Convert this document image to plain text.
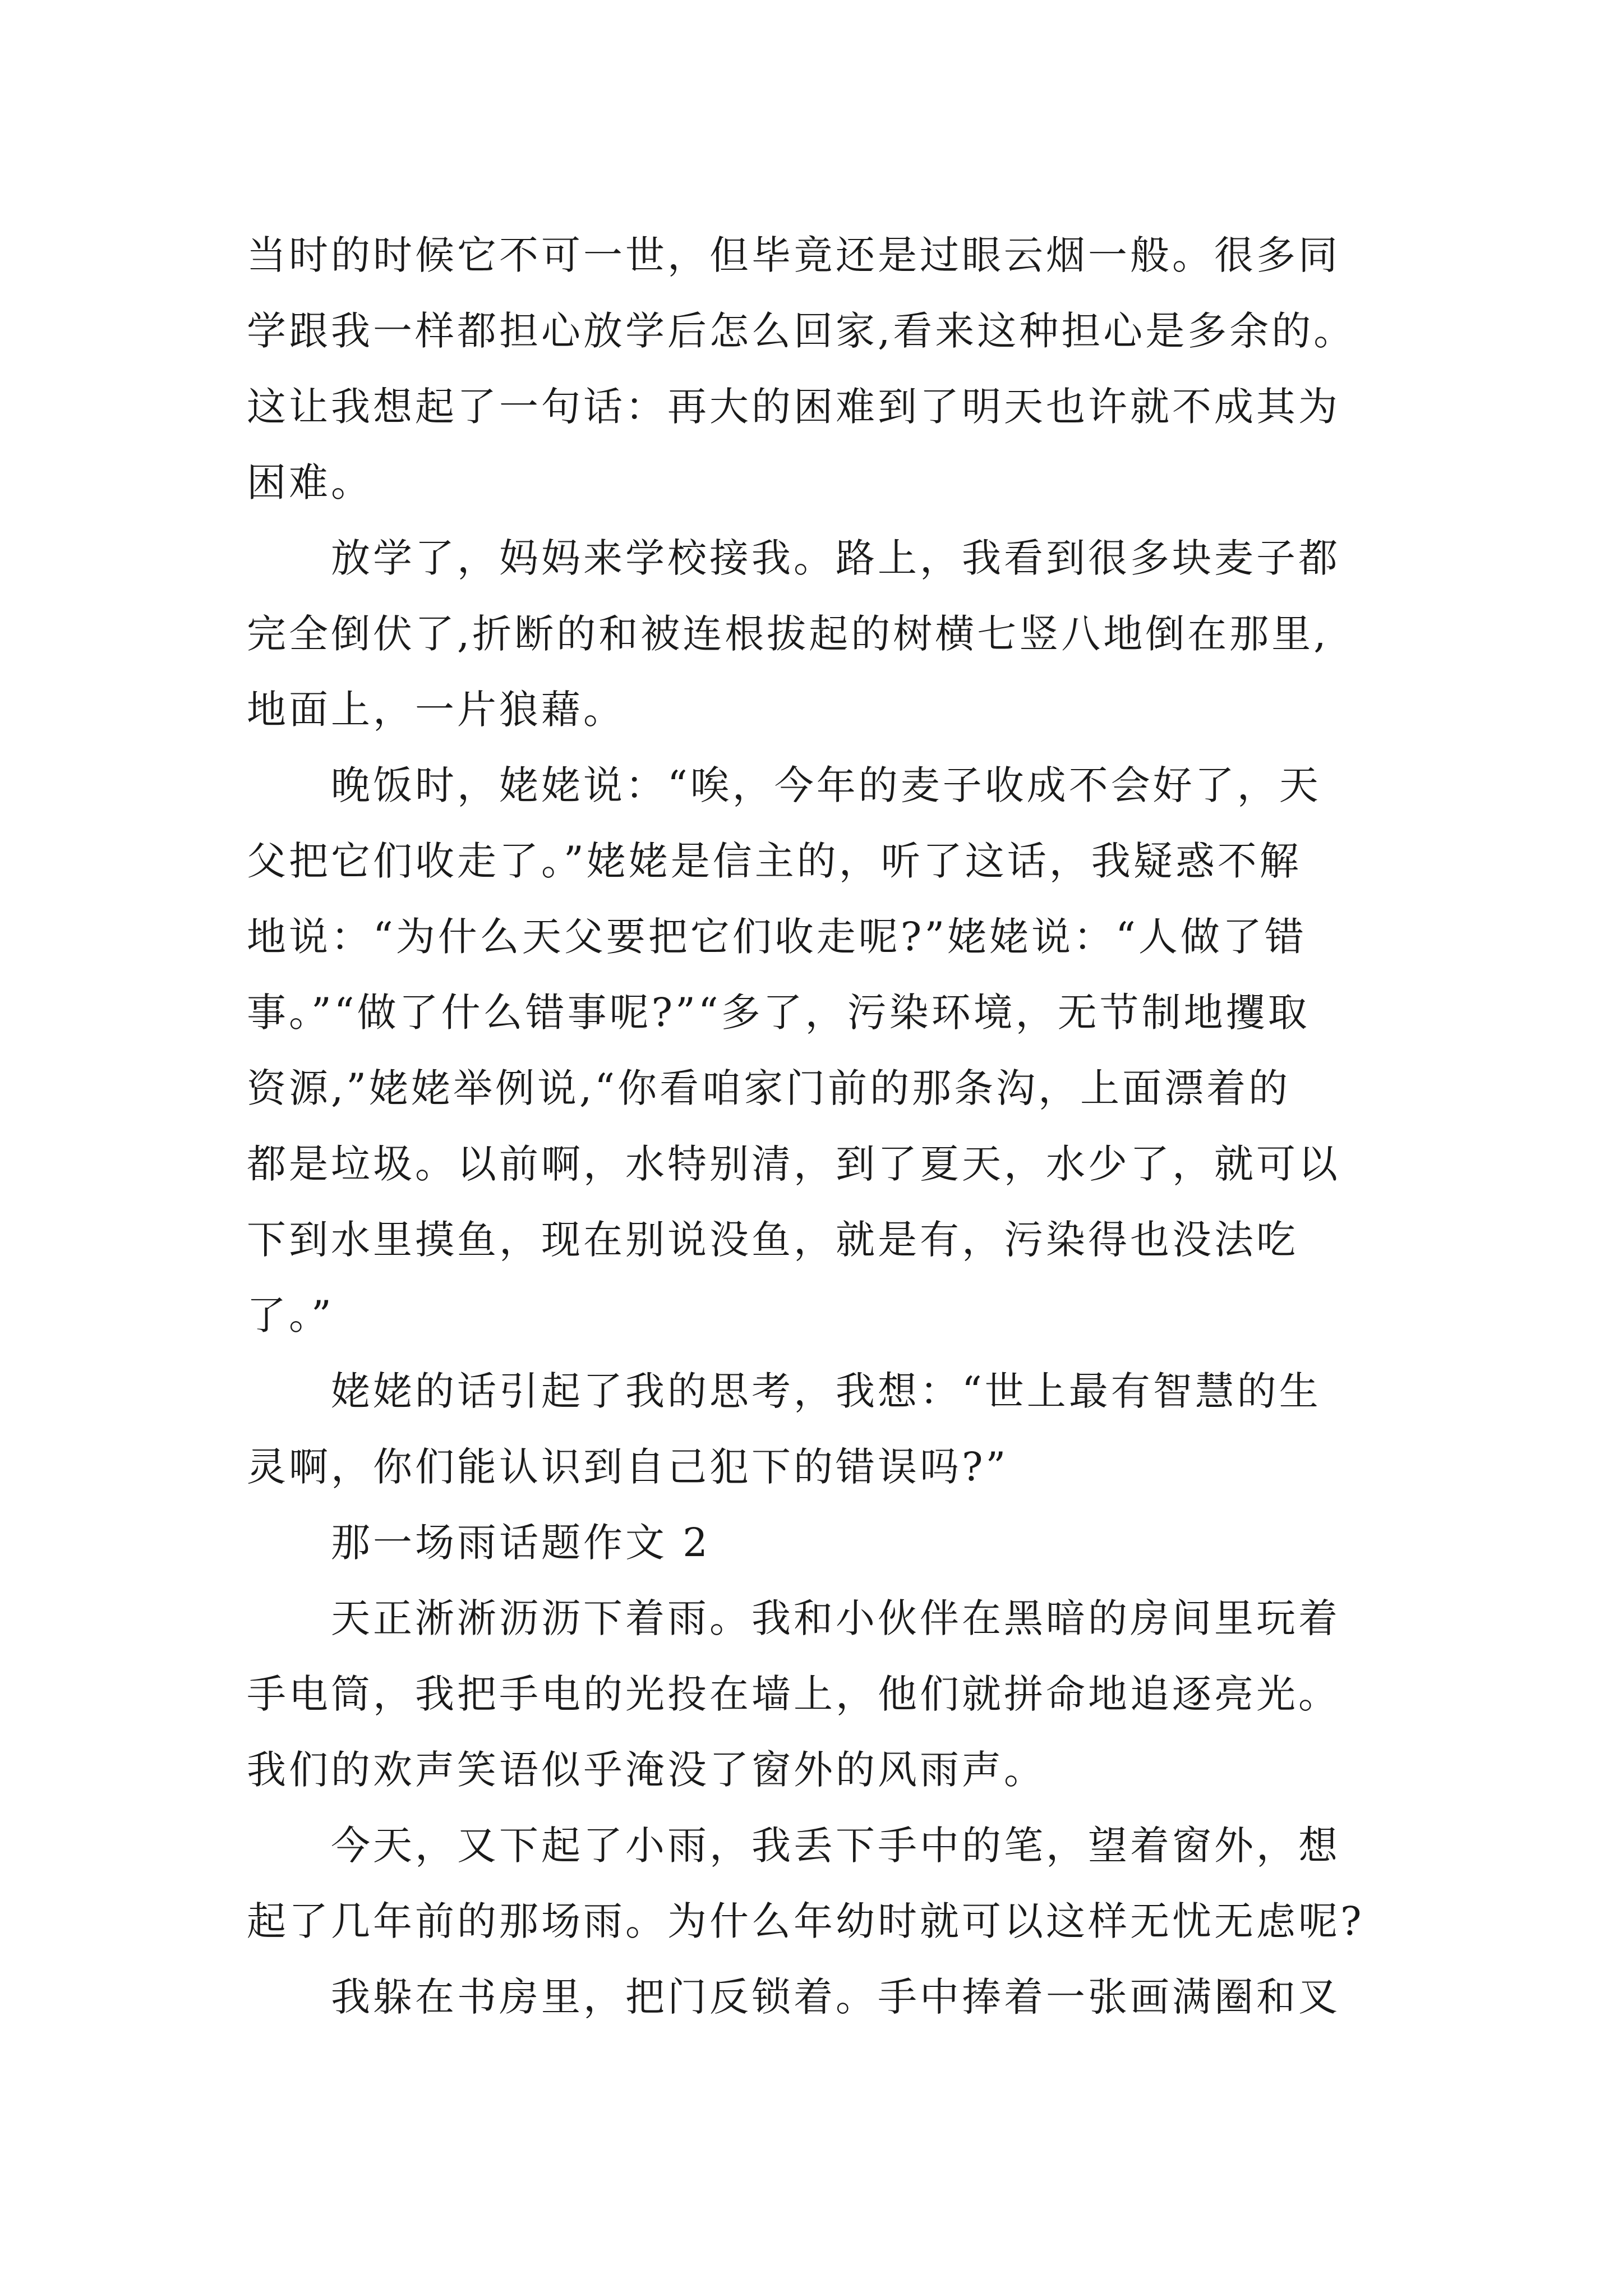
当时的时候它不可一世，但毕竟还是过眼云烟一般。很多同
学跟我一样都担心放学后怎么回家,看来这种担心是多余的。
这让我想起了一句话：再大的困难到了明天也许就不成其为
困难。
放学了，妈妈来学校接我。路上，我看到很多块麦子都
完全倒伏了,折断的和被连根拔起的树横七竖八地倒在那里,
地面上，一片狼藉。
晚饭时，姥姥说：“唉，今年的麦子收成不会好了，天
父把它们收走了。”姥姥是信主的，听了这话，我疑惑不解
地说：“为什么天父要把它们收走呢?”姥姥说：“人做了错
事。”“做了什么错事呢?”“多了，污染环境，无节制地攫取
资源,”姥姥举例说,“你看咱家门前的那条沟，上面漂着的
都是垃圾。以前啊，水特别清，到了夏天，水少了，就可以
下到水里摸鱼，现在别说没鱼，就是有，污染得也没法吃
了。”
姥姥的话引起了我的思考，我想：“世上最有智慧的生
灵啊，你们能认识到自己犯下的错误吗?”
那一场雨话题作文 2
天正淅淅沥沥下着雨。我和小伙伴在黑暗的房间里玩着
手电筒，我把手电的光投在墙上，他们就拼命地追逐亮光。
我们的欢声笑语似乎淹没了窗外的风雨声。
今天，又下起了小雨，我丢下手中的笔，望着窗外，想
起了几年前的那场雨。为什么年幼时就可以这样无忧无虑呢?
我躲在书房里，把门反锁着。手中捧着一张画满圈和叉
